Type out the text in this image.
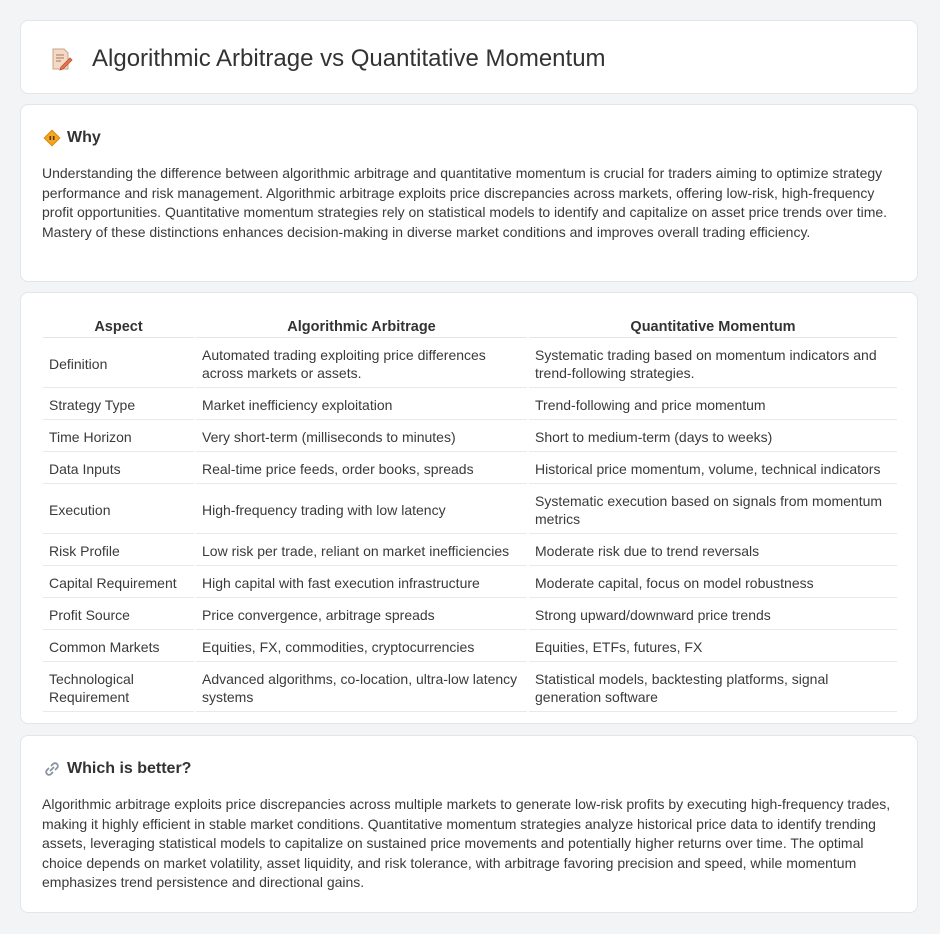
Algorithmic Arbitrage vs Quantitative Momentum
Why

Understanding the difference between algorithmic arbitrage and quantitative momentum is crucial for traders aiming to optimize strategy performance and risk management. Algorithmic arbitrage exploits price discrepancies across markets, offering low-risk, high-frequency profit opportunities. Quantitative momentum strategies rely on statistical models to identify and capitalize on asset price trends over time. Mastery of these distinctions enhances decision-making in diverse market conditions and improves overall trading efficiency.

Aspect	Algorithmic Arbitrage	Quantitative Momentum
Definition	Automated trading exploiting price differences across markets or assets.	Systematic trading based on momentum indicators and trend-following strategies.
Strategy Type	Market inefficiency exploitation	Trend-following and price momentum
Time Horizon	Very short-term (milliseconds to minutes)	Short to medium-term (days to weeks)
Data Inputs	Real-time price feeds, order books, spreads	Historical price momentum, volume, technical indicators
Execution	High-frequency trading with low latency	Systematic execution based on signals from momentum metrics
Risk Profile	Low risk per trade, reliant on market inefficiencies	Moderate risk due to trend reversals
Capital Requirement	High capital with fast execution infrastructure	Moderate capital, focus on model robustness
Profit Source	Price convergence, arbitrage spreads	Strong upward/downward price trends
Common Markets	Equities, FX, commodities, cryptocurrencies	Equities, ETFs, futures, FX
Technological Requirement	Advanced algorithms, co-location, ultra-low latency systems	Statistical models, backtesting platforms, signal generation software
Which is better?

Algorithmic arbitrage exploits price discrepancies across multiple markets to generate low-risk profits by executing high-frequency trades, making it highly efficient in stable market conditions. Quantitative momentum strategies analyze historical price data to identify trending assets, leveraging statistical models to capitalize on sustained price movements and potentially higher returns over time. The optimal choice depends on market volatility, asset liquidity, and risk tolerance, with arbitrage favoring precision and speed, while momentum emphasizes trend persistence and directional gains.
